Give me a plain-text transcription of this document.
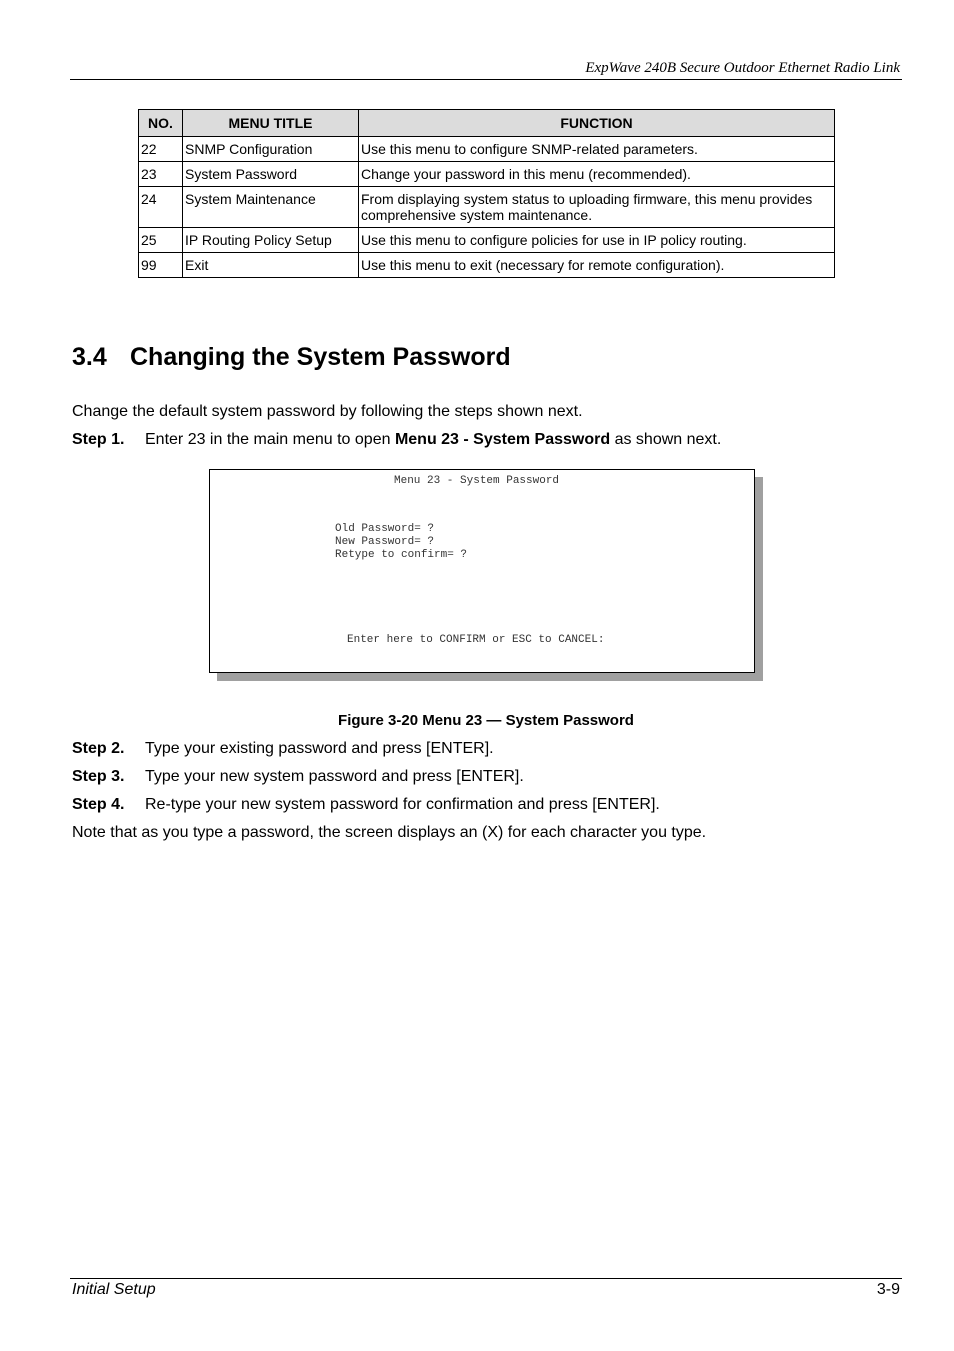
ExpWave 240B Secure Outdoor Ethernet Radio Link
NO.	MENU TITLE	FUNCTION
22	SNMP Configuration	Use this menu to configure SNMP-related parameters.
23	System Password	Change your password in this menu (recommended).
24	System Maintenance	From displaying system status to uploading firmware, this menu provides comprehensive system maintenance.
25	IP Routing Policy Setup	Use this menu to configure policies for use in IP policy routing.
99	Exit	Use this menu to exit (necessary for remote configuration).
3.4 Changing the System Password

Change the default system password by following the steps shown next.

Step 1. Enter 23 in the main menu to open Menu 23 - System Password as shown next.

Menu 23 - System Password
Old Password= ?
New Password= ?
Retype to confirm= ?
Enter here to CONFIRM or ESC to CANCEL:
Figure 3-20 Menu 23 — System Password

Step 2. Type your existing password and press [ENTER].

Step 3. Type your new system password and press [ENTER].

Step 4. Re-type your new system password for confirmation and press [ENTER].

Note that as you type a password, the screen displays an (X) for each character you type.

Initial Setup	3-9
